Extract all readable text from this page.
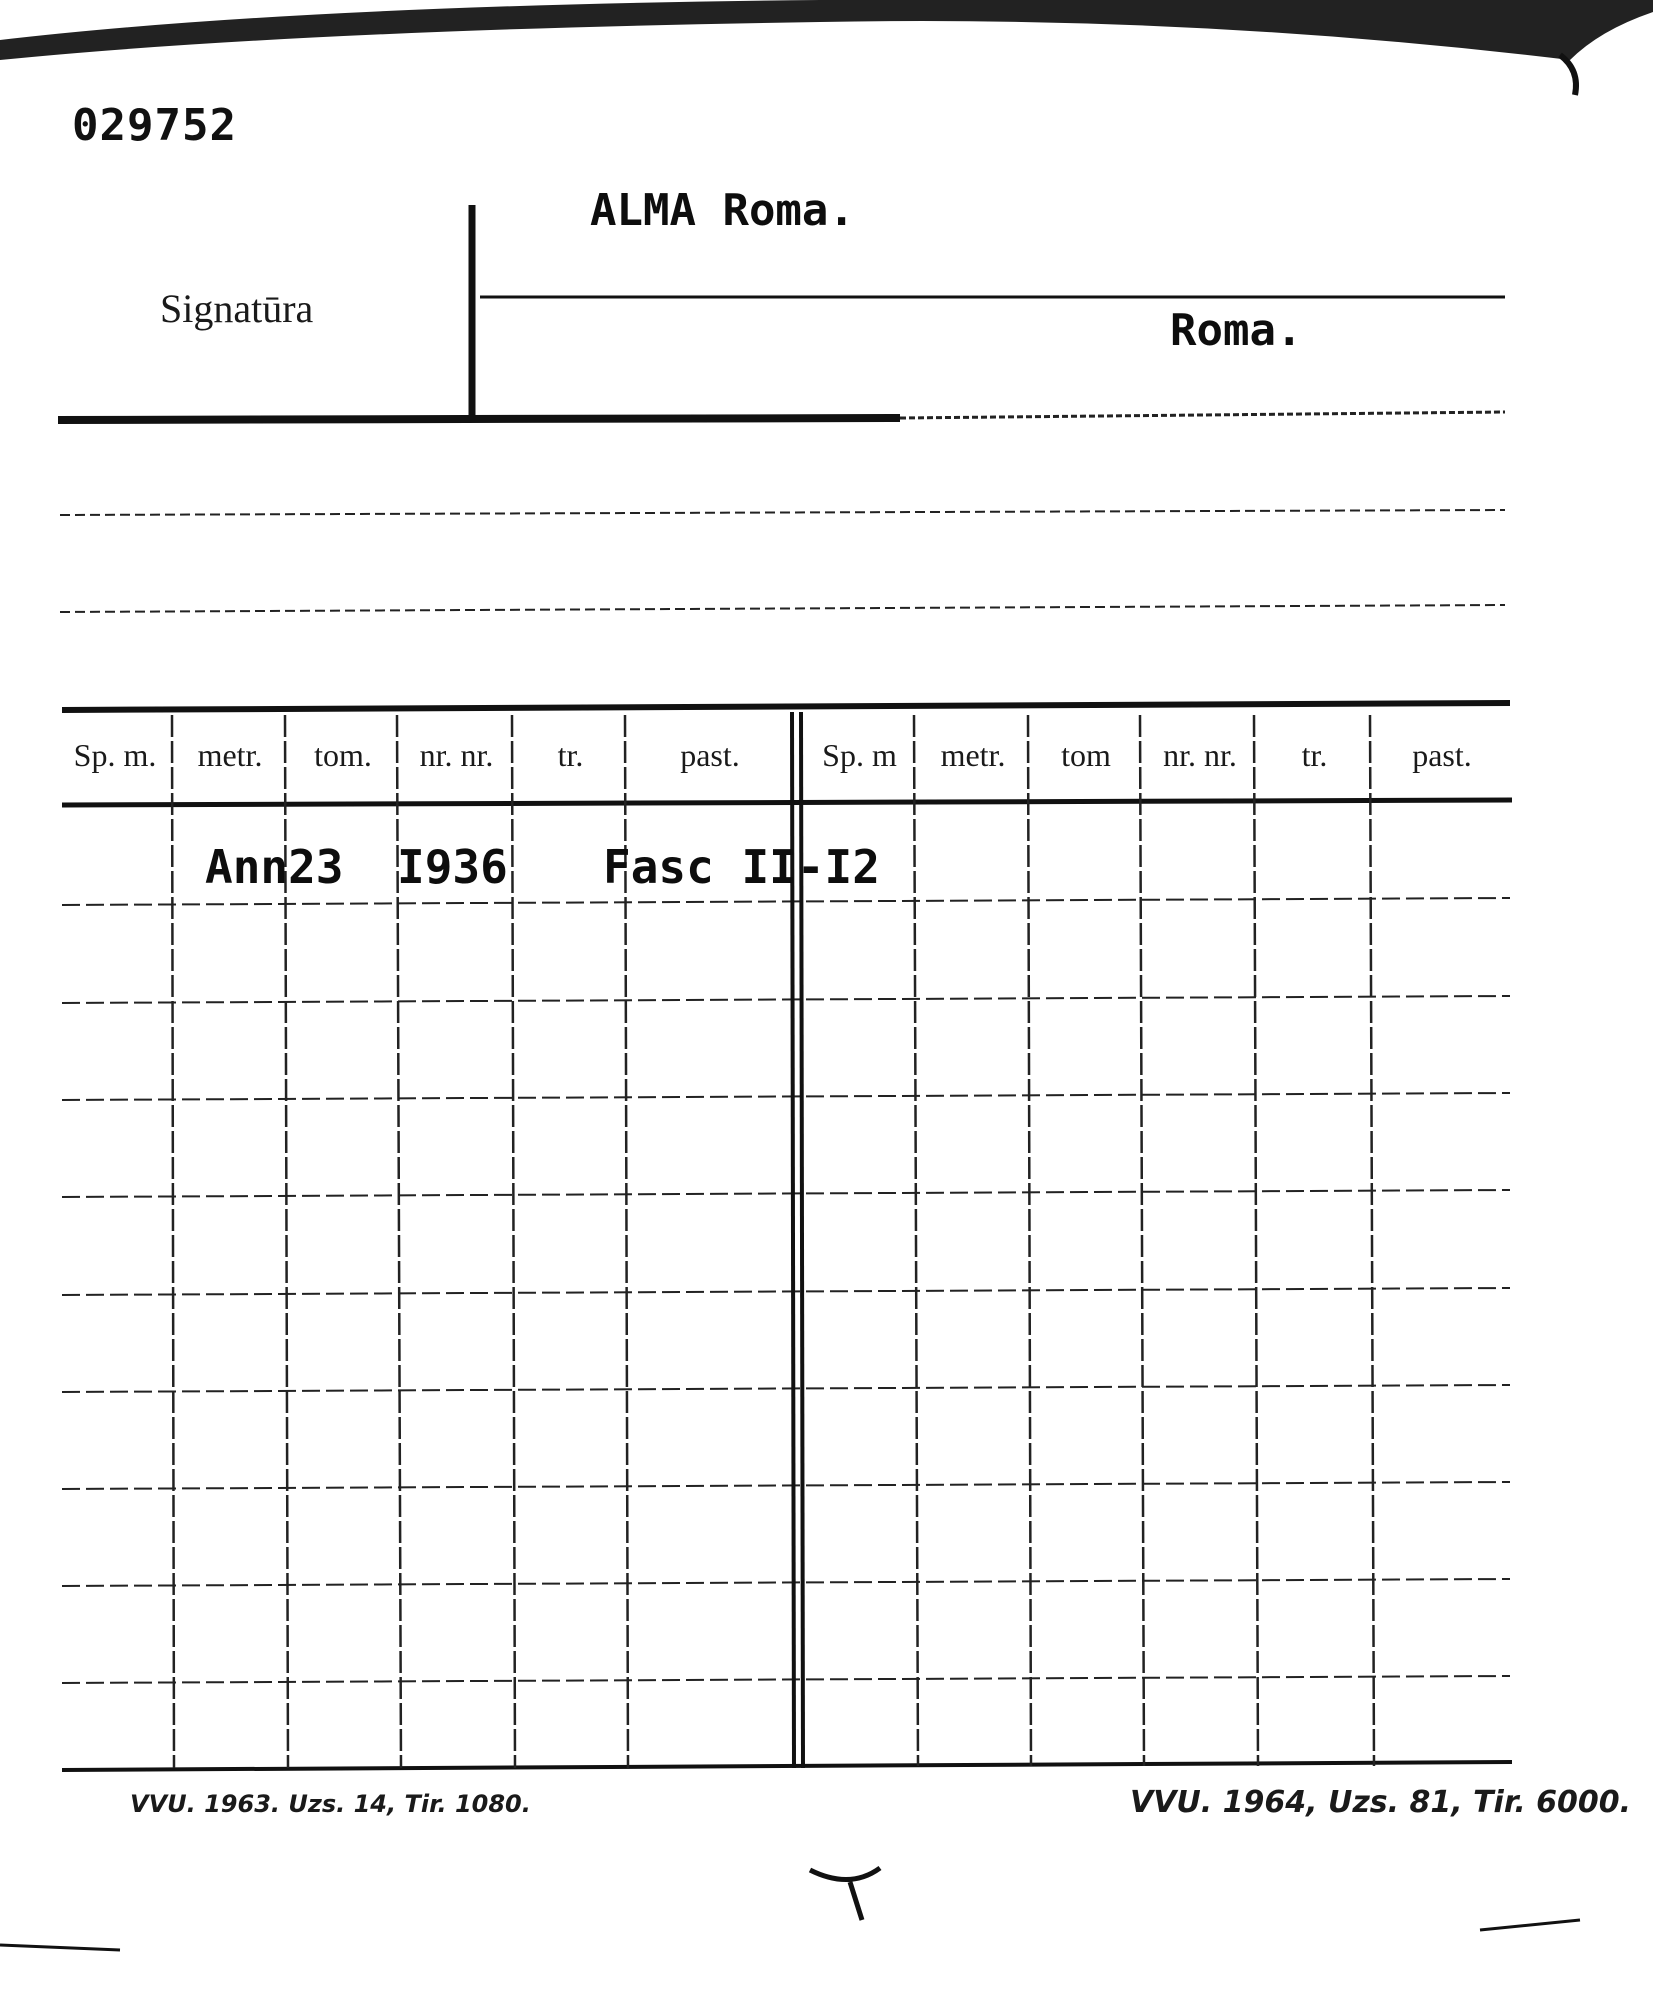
029752
Signatūra
ALMA Roma.
Roma.
Sp. m.	metr.	tom.	nr. nr.	tr.	past.	Sp. m	metr.	tom	nr. nr.	tr.	past.
Ann23 I936 Fasc II-I2
VVU. 1963. Uzs. 14, Tir. 1080.	VVU. 1964, Uzs. 81, Tir. 6000.
